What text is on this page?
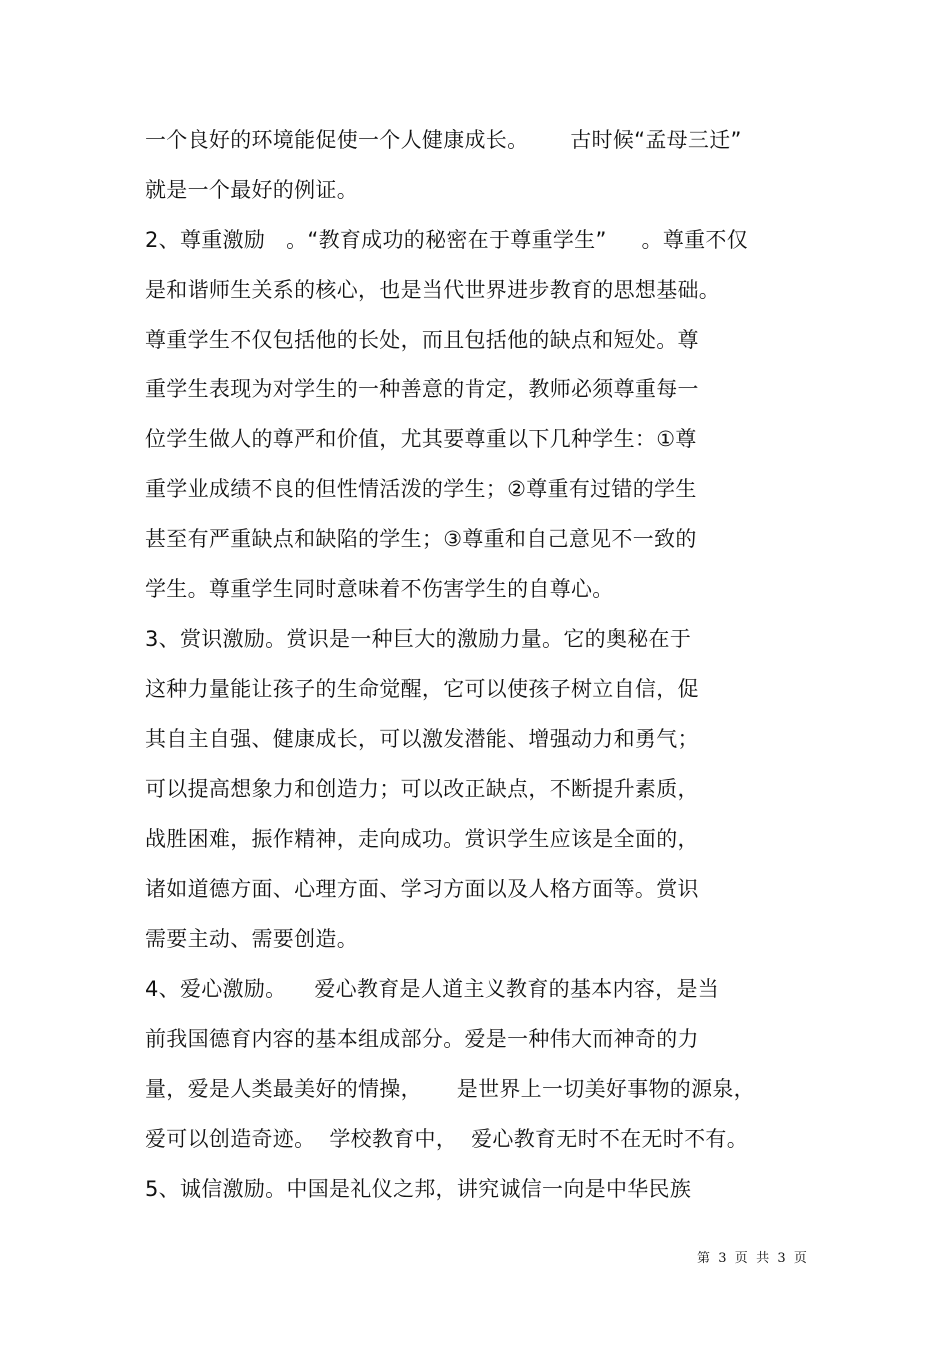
一个良好的环境能促使一个人健康成长。      古时候“孟母三迁”
就是一个最好的例证。
2、尊重激励   。“教育成功的秘密在于尊重学生”     。尊重不仅
是和谐师生关系的核心，也是当代世界进步教育的思想基础。
尊重学生不仅包括他的长处，而且包括他的缺点和短处。尊
重学生表现为对学生的一种善意的肯定，教师必须尊重每一
位学生做人的尊严和价值，尤其要尊重以下几种学生：①尊
重学业成绩不良的但性情活泼的学生；②尊重有过错的学生
甚至有严重缺点和缺陷的学生；③尊重和自己意见不一致的
学生。尊重学生同时意味着不伤害学生的自尊心。
3、赏识激励。赏识是一种巨大的激励力量。它的奥秘在于
这种力量能让孩子的生命觉醒，它可以使孩子树立自信，促
其自主自强、健康成长，可以激发潜能、增强动力和勇气；
可以提高想象力和创造力；可以改正缺点，不断提升素质，
战胜困难，振作精神，走向成功。赏识学生应该是全面的，
诸如道德方面、心理方面、学习方面以及人格方面等。赏识
需要主动、需要创造。
4、爱心激励。    爱心教育是人道主义教育的基本内容，是当
前我国德育内容的基本组成部分。爱是一种伟大而神奇的力
量，爱是人类最美好的情操，     是世界上一切美好事物的源泉，
爱可以创造奇迹。  学校教育中，  爱心教育无时不在无时不有。
5、诚信激励。中国是礼仪之邦，讲究诚信一向是中华民族
第  3  页  共  3  页
